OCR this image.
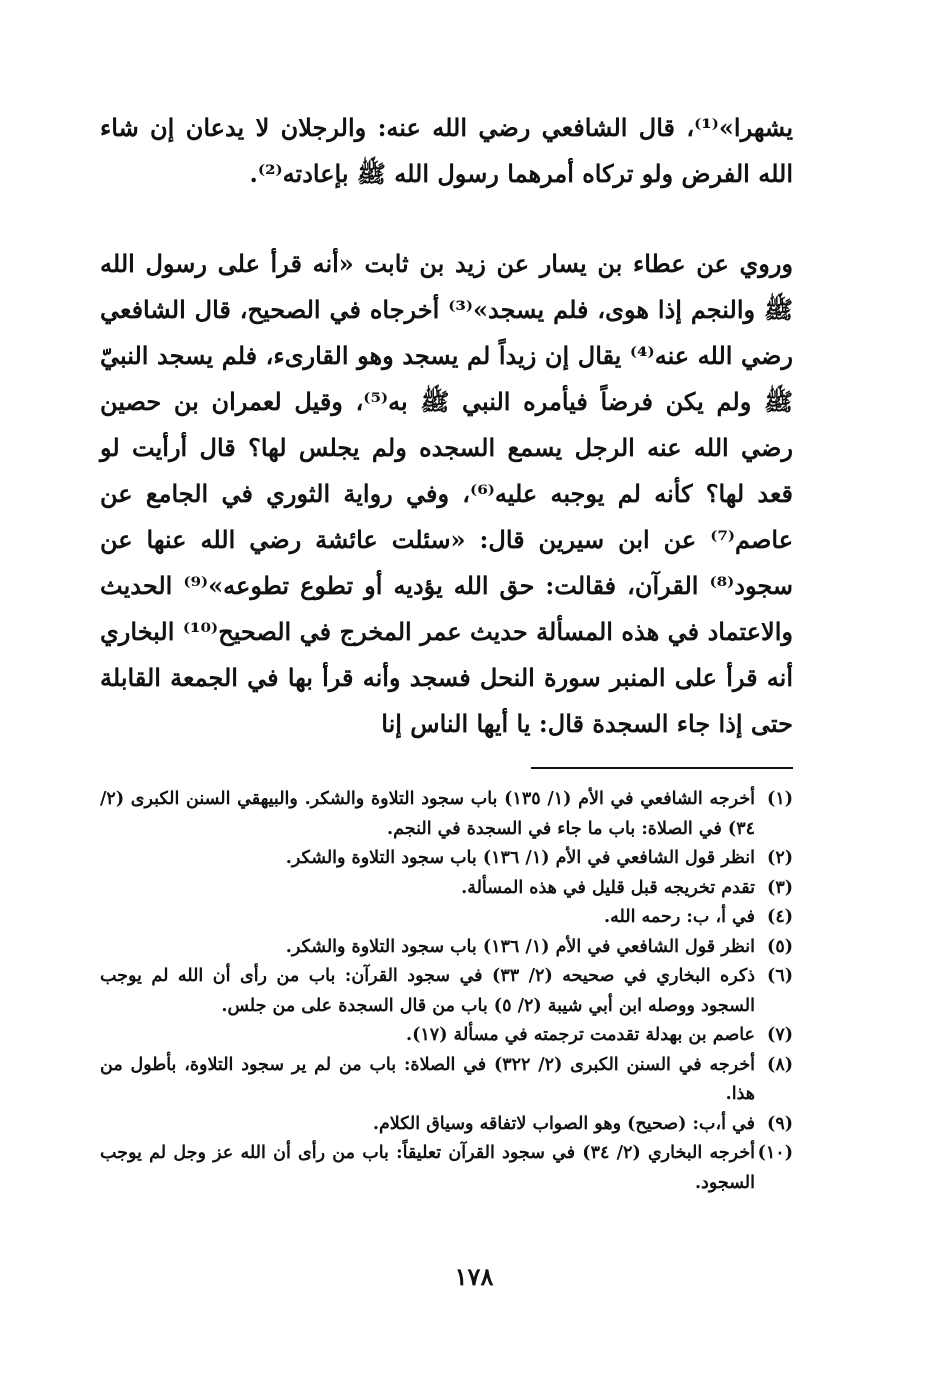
يشهرا»⁽¹⁾، قال الشافعي رضي الله عنه: والرجلان لا يدعان إن شاء الله الفرض ولو تركاه أمرهما رسول الله ﷺ بإعادته⁽²⁾.

وروي عن عطاء بن يسار عن زيد بن ثابت «أنه قرأ على رسول الله ﷺ والنجم إذا هوى، فلم يسجد»⁽³⁾ أخرجاه في الصحيح، قال الشافعي رضي الله عنه⁽⁴⁾ يقال إن زيداً لم يسجد وهو القارىء، فلم يسجد النبيّ ﷺ ولم يكن فرضاً فيأمره النبي ﷺ به⁽⁵⁾، وقيل لعمران بن حصين رضي الله عنه الرجل يسمع السجده ولم يجلس لها؟ قال أرأيت لو قعد لها؟ كأنه لم يوجبه عليه⁽⁶⁾، وفي رواية الثوري في الجامع عن عاصم⁽⁷⁾ عن ابن سيرين قال: «سئلت عائشة رضي الله عنها عن سجود⁽⁸⁾ القرآن، فقالت: حق الله يؤديه أو تطوع تطوعه»⁽⁹⁾ الحديث والاعتماد في هذه المسألة حديث عمر المخرج في الصحيح⁽¹⁰⁾ البخاري أنه قرأ على المنبر سورة النحل فسجد وأنه قرأ بها في الجمعة القابلة حتى إذا جاء السجدة قال: يا أيها الناس إنا

(١)
أخرجه الشافعي في الأم (١/ ١٣٥) باب سجود التلاوة والشكر. والبيهقي السنن الكبرى (٢/ ٣٤) في الصلاة: باب ما جاء في السجدة في النجم.
(٢)
انظر قول الشافعي في الأم (١/ ١٣٦) باب سجود التلاوة والشكر.
(٣)
تقدم تخريجه قبل قليل في هذه المسألة.
(٤)
في أ، ب: رحمه الله.
(٥)
انظر قول الشافعي في الأم (١/ ١٣٦) باب سجود التلاوة والشكر.
(٦)
ذكره البخاري في صحيحه (٢/ ٣٣) في سجود القرآن: باب من رأى أن الله لم يوجب السجود ووصله ابن أبي شيبة (٢/ ٥) باب من قال السجدة على من جلس.
(٧)
عاصم بن بهدلة تقدمت ترجمته في مسألة (١٧).
(٨)
أخرجه في السنن الكبرى (٢/ ٣٢٢) في الصلاة: باب من لم ير سجود التلاوة، بأطول من هذا.
(٩)
في أ،ب: (صحيح) وهو الصواب لاتفاقه وسياق الكلام.
(١٠)
أخرجه البخاري (٢/ ٣٤) في سجود القرآن تعليقاً: باب من رأى أن الله عز وجل لم يوجب السجود.
١٧٨
